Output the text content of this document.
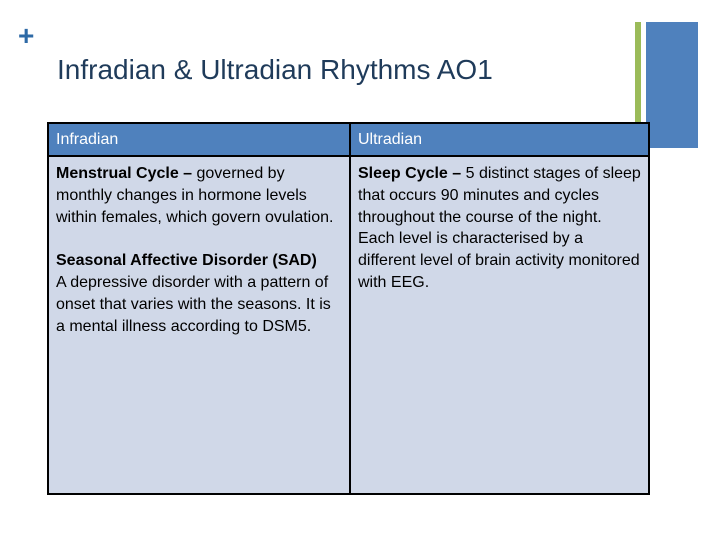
+
Infradian & Ultradian Rhythms AO1
Infradian	Ultradian

Menstrual Cycle – governed by monthly changes in hormone levels within females, which govern ovulation.
Seasonal Affective Disorder (SAD)
A depressive disorder with a pattern of onset that varies with the seasons. It is a mental illness according to DSM5.	Sleep Cycle – 5 distinct stages of sleep that occurs 90 minutes and cycles throughout the course of the night. Each level is characterised by a different level of brain activity monitored with EEG.
